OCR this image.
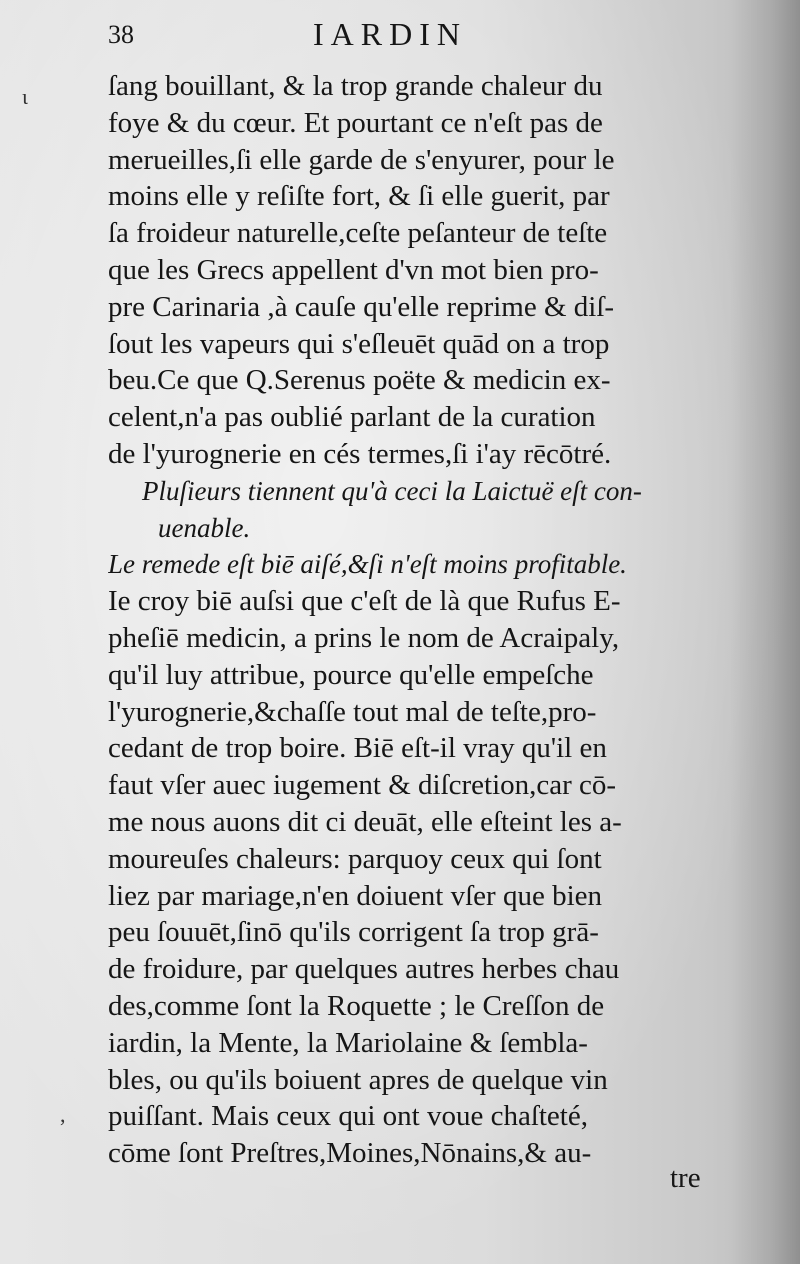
38	IARDIN
ɩ
,
ſang bouillant, & la trop grande chaleur du
foye & du cœur. Et pourtant ce n'eſt pas de
merueilles,ſi elle garde de s'enyurer, pour le
moins elle y reſiſte fort, & ſi elle guerit, par
ſa froideur naturelle,ceſte peſanteur de teſte
que les Grecs appellent d'vn mot bien pro-
pre Carinaria ,à cauſe qu'elle reprime & diſ-
ſout les vapeurs qui s'eſleuēt quād on a trop
beu.Ce que Q.Serenus poëte & medicin ex-
celent,n'a pas oublié parlant de la curation
de l'yurognerie en cés termes,ſi i'ay rēcōtré.
Pluſieurs tiennent qu'à ceci la Laictuë eſt con-
uenable.
Le remede eſt biē aiſé,&ſi n'eſt moins profitable.
Ie croy biē auſsi que c'eſt de là que Rufus E-
pheſiē medicin, a prins le nom de Acraipaly,
qu'il luy attribue, pource qu'elle empeſche
l'yurognerie,&chaſſe tout mal de teſte,pro-
cedant de trop boire. Biē eſt-il vray qu'il en
faut vſer auec iugement & diſcretion,car cō-
me nous auons dit ci deuāt, elle eſteint les a-
moureuſes chaleurs: parquoy ceux qui ſont
liez par mariage,n'en doiuent vſer que bien
peu ſouuēt,ſinō qu'ils corrigent ſa trop grā-
de froidure, par quelques autres herbes chau
des,comme ſont la Roquette ; le Creſſon de
iardin, la Mente, la Mariolaine & ſembla-
bles, ou qu'ils boiuent apres de quelque vin
puiſſant. Mais ceux qui ont voue chaſteté,
cōme ſont Preſtres,Moines,Nōnains,& au-
tre
